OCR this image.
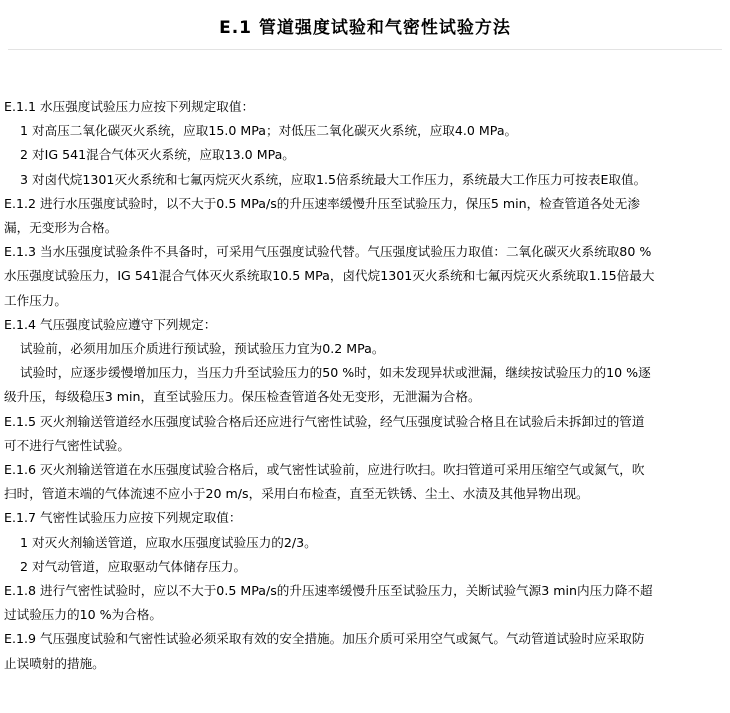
E.1 管道强度试验和气密性试验方法

E.1.1 水压强度试验压力应按下列规定取值：

1 对高压二氧化碳灭火系统，应取15.0 MPa；对低压二氧化碳灭火系统，应取4.0 MPa。

2 对IG 541混合气体灭火系统，应取13.0 MPa。

3 对卤代烷1301灭火系统和七氟丙烷灭火系统，应取1.5倍系统最大工作压力，系统最大工作压力可按表E取值。

E.1.2 进行水压强度试验时，以不大于0.5 MPa/s的升压速率缓慢升压至试验压力，保压5 min，检查管道各处无渗

漏，无变形为合格。

E.1.3 当水压强度试验条件不具备时，可采用气压强度试验代替。气压强度试验压力取值：二氧化碳灭火系统取80 %

水压强度试验压力，IG 541混合气体灭火系统取10.5 MPa，卤代烷1301灭火系统和七氟丙烷灭火系统取1.15倍最大

工作压力。

E.1.4 气压强度试验应遵守下列规定：

试验前，必须用加压介质进行预试验，预试验压力宜为0.2 MPa。

试验时，应逐步缓慢增加压力，当压力升至试验压力的50 %时，如未发现异状或泄漏，继续按试验压力的10 %逐

级升压，每级稳压3 min，直至试验压力。保压检查管道各处无变形，无泄漏为合格。

E.1.5 灭火剂输送管道经水压强度试验合格后还应进行气密性试验，经气压强度试验合格且在试验后未拆卸过的管道

可不进行气密性试验。

E.1.6 灭火剂输送管道在水压强度试验合格后，或气密性试验前，应进行吹扫。吹扫管道可采用压缩空气或氮气，吹

扫时，管道末端的气体流速不应小于20 m/s，采用白布检查，直至无铁锈、尘土、水渍及其他异物出现。

E.1.7 气密性试验压力应按下列规定取值：

1 对灭火剂输送管道，应取水压强度试验压力的2/3。

2 对气动管道，应取驱动气体储存压力。

E.1.8 进行气密性试验时，应以不大于0.5 MPa/s的升压速率缓慢升压至试验压力，关断试验气源3 min内压力降不超

过试验压力的10 %为合格。

E.1.9 气压强度试验和气密性试验必须采取有效的安全措施。加压介质可采用空气或氮气。气动管道试验时应采取防

止误喷射的措施。
